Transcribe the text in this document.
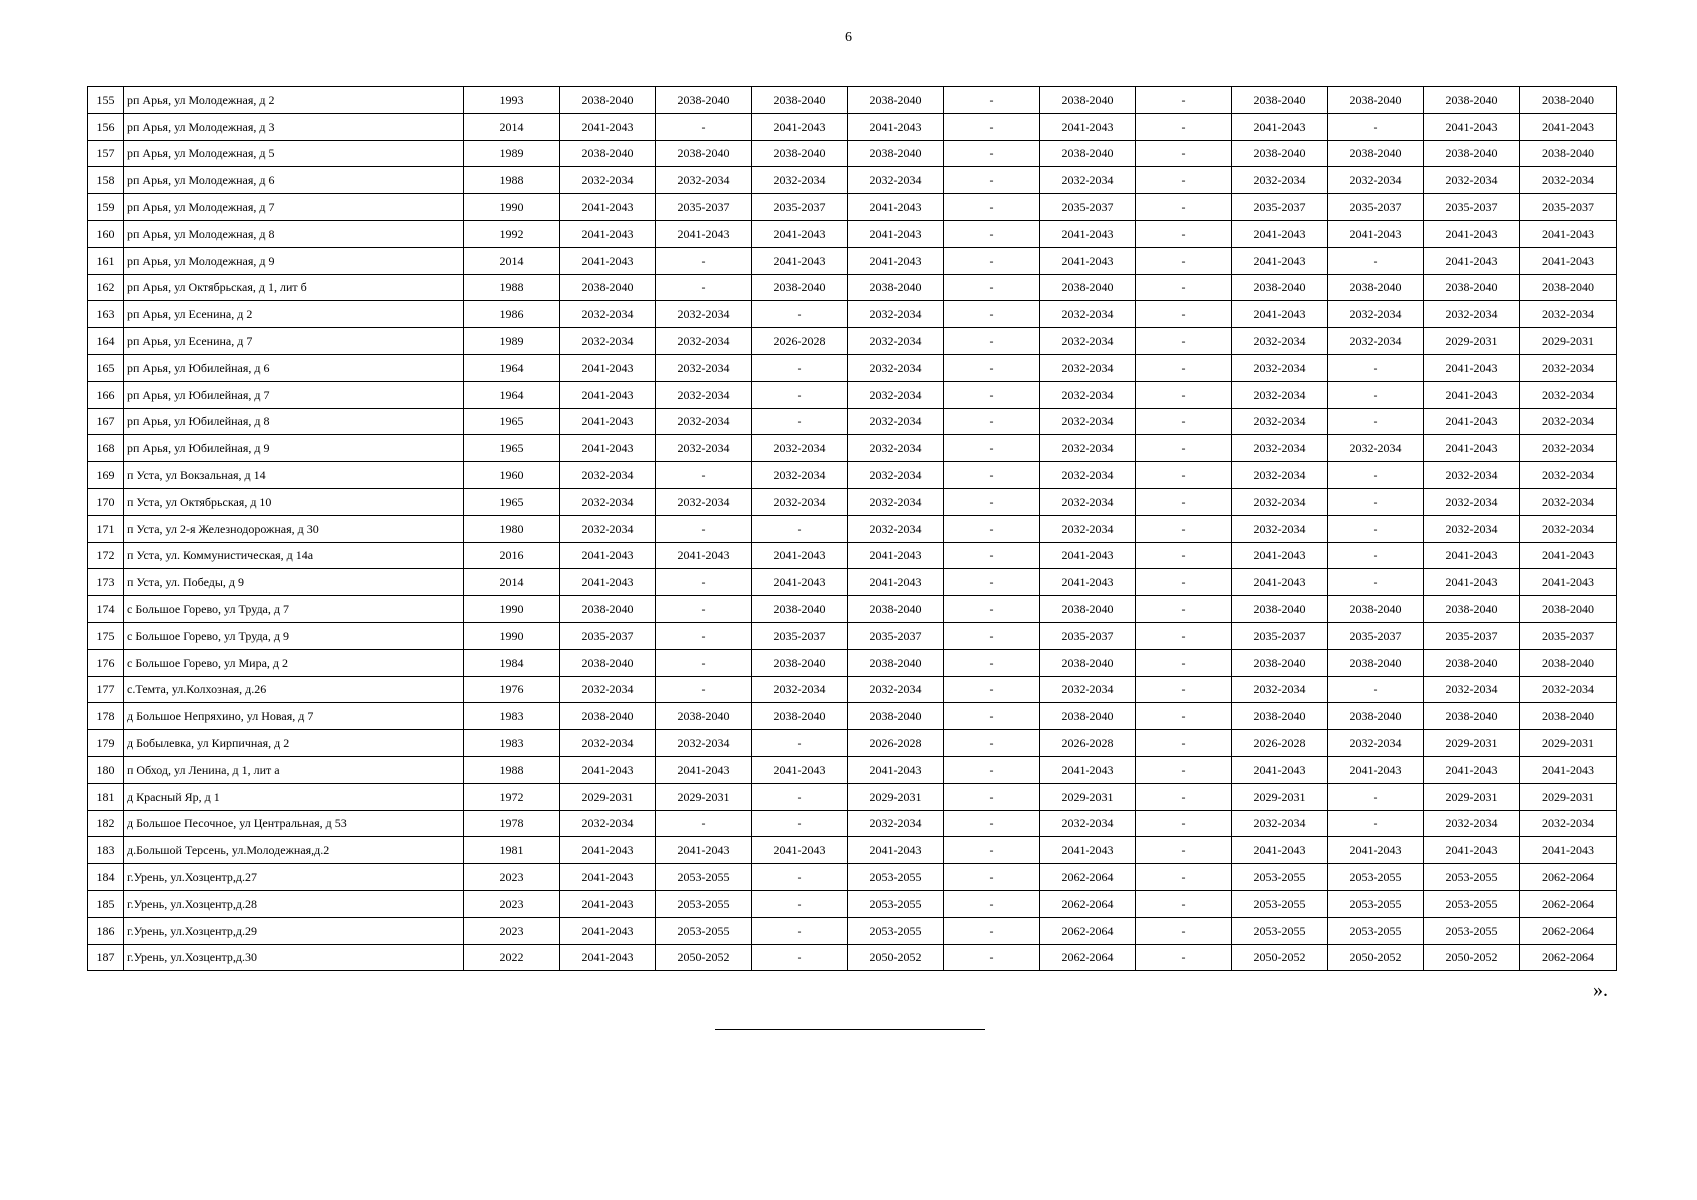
6
155	рп Арья, ул Молодежная, д 2	1993	2038-2040	2038-2040	2038-2040	2038-2040	-	2038-2040	-	2038-2040	2038-2040	2038-2040	2038-2040
156	рп Арья, ул Молодежная, д 3	2014	2041-2043	-	2041-2043	2041-2043	-	2041-2043	-	2041-2043	-	2041-2043	2041-2043
157	рп Арья, ул Молодежная, д 5	1989	2038-2040	2038-2040	2038-2040	2038-2040	-	2038-2040	-	2038-2040	2038-2040	2038-2040	2038-2040
158	рп Арья, ул Молодежная, д 6	1988	2032-2034	2032-2034	2032-2034	2032-2034	-	2032-2034	-	2032-2034	2032-2034	2032-2034	2032-2034
159	рп Арья, ул Молодежная, д 7	1990	2041-2043	2035-2037	2035-2037	2041-2043	-	2035-2037	-	2035-2037	2035-2037	2035-2037	2035-2037
160	рп Арья, ул Молодежная, д 8	1992	2041-2043	2041-2043	2041-2043	2041-2043	-	2041-2043	-	2041-2043	2041-2043	2041-2043	2041-2043
161	рп Арья, ул Молодежная, д 9	2014	2041-2043	-	2041-2043	2041-2043	-	2041-2043	-	2041-2043	-	2041-2043	2041-2043
162	рп Арья, ул Октябрьская, д 1, лит б	1988	2038-2040	-	2038-2040	2038-2040	-	2038-2040	-	2038-2040	2038-2040	2038-2040	2038-2040
163	рп Арья, ул Есенина, д 2	1986	2032-2034	2032-2034	-	2032-2034	-	2032-2034	-	2041-2043	2032-2034	2032-2034	2032-2034
164	рп Арья, ул Есенина, д 7	1989	2032-2034	2032-2034	2026-2028	2032-2034	-	2032-2034	-	2032-2034	2032-2034	2029-2031	2029-2031
165	рп Арья, ул Юбилейная, д 6	1964	2041-2043	2032-2034	-	2032-2034	-	2032-2034	-	2032-2034	-	2041-2043	2032-2034
166	рп Арья, ул Юбилейная, д 7	1964	2041-2043	2032-2034	-	2032-2034	-	2032-2034	-	2032-2034	-	2041-2043	2032-2034
167	рп Арья, ул Юбилейная, д 8	1965	2041-2043	2032-2034	-	2032-2034	-	2032-2034	-	2032-2034	-	2041-2043	2032-2034
168	рп Арья, ул Юбилейная, д 9	1965	2041-2043	2032-2034	2032-2034	2032-2034	-	2032-2034	-	2032-2034	2032-2034	2041-2043	2032-2034
169	п Уста, ул Вокзальная, д 14	1960	2032-2034	-	2032-2034	2032-2034	-	2032-2034	-	2032-2034	-	2032-2034	2032-2034
170	п Уста, ул Октябрьская, д 10	1965	2032-2034	2032-2034	2032-2034	2032-2034	-	2032-2034	-	2032-2034	-	2032-2034	2032-2034
171	п Уста, ул 2-я Железнодорожная, д 30	1980	2032-2034	-	-	2032-2034	-	2032-2034	-	2032-2034	-	2032-2034	2032-2034
172	п Уста, ул. Коммунистическая, д 14а	2016	2041-2043	2041-2043	2041-2043	2041-2043	-	2041-2043	-	2041-2043	-	2041-2043	2041-2043
173	п Уста, ул. Победы, д 9	2014	2041-2043	-	2041-2043	2041-2043	-	2041-2043	-	2041-2043	-	2041-2043	2041-2043
174	с Большое Горево, ул Труда, д 7	1990	2038-2040	-	2038-2040	2038-2040	-	2038-2040	-	2038-2040	2038-2040	2038-2040	2038-2040
175	с Большое Горево, ул Труда, д 9	1990	2035-2037	-	2035-2037	2035-2037	-	2035-2037	-	2035-2037	2035-2037	2035-2037	2035-2037
176	с Большое Горево, ул Мира, д 2	1984	2038-2040	-	2038-2040	2038-2040	-	2038-2040	-	2038-2040	2038-2040	2038-2040	2038-2040
177	с.Темта, ул.Колхозная, д.26	1976	2032-2034	-	2032-2034	2032-2034	-	2032-2034	-	2032-2034	-	2032-2034	2032-2034
178	д Большое Непряхино, ул Новая, д 7	1983	2038-2040	2038-2040	2038-2040	2038-2040	-	2038-2040	-	2038-2040	2038-2040	2038-2040	2038-2040
179	д Бобылевка, ул Кирпичная, д 2	1983	2032-2034	2032-2034	-	2026-2028	-	2026-2028	-	2026-2028	2032-2034	2029-2031	2029-2031
180	п Обход, ул Ленина, д 1, лит а	1988	2041-2043	2041-2043	2041-2043	2041-2043	-	2041-2043	-	2041-2043	2041-2043	2041-2043	2041-2043
181	д Красный Яр, д 1	1972	2029-2031	2029-2031	-	2029-2031	-	2029-2031	-	2029-2031	-	2029-2031	2029-2031
182	д Большое Песочное, ул Центральная, д 53	1978	2032-2034	-	-	2032-2034	-	2032-2034	-	2032-2034	-	2032-2034	2032-2034
183	д.Большой Терсень, ул.Молодежная,д.2	1981	2041-2043	2041-2043	2041-2043	2041-2043	-	2041-2043	-	2041-2043	2041-2043	2041-2043	2041-2043
184	г.Урень, ул.Хозцентр,д.27	2023	2041-2043	2053-2055	-	2053-2055	-	2062-2064	-	2053-2055	2053-2055	2053-2055	2062-2064
185	г.Урень, ул.Хозцентр,д.28	2023	2041-2043	2053-2055	-	2053-2055	-	2062-2064	-	2053-2055	2053-2055	2053-2055	2062-2064
186	г.Урень, ул.Хозцентр,д.29	2023	2041-2043	2053-2055	-	2053-2055	-	2062-2064	-	2053-2055	2053-2055	2053-2055	2062-2064
187	г.Урень, ул.Хозцентр,д.30	2022	2041-2043	2050-2052	-	2050-2052	-	2062-2064	-	2050-2052	2050-2052	2050-2052	2062-2064
».
